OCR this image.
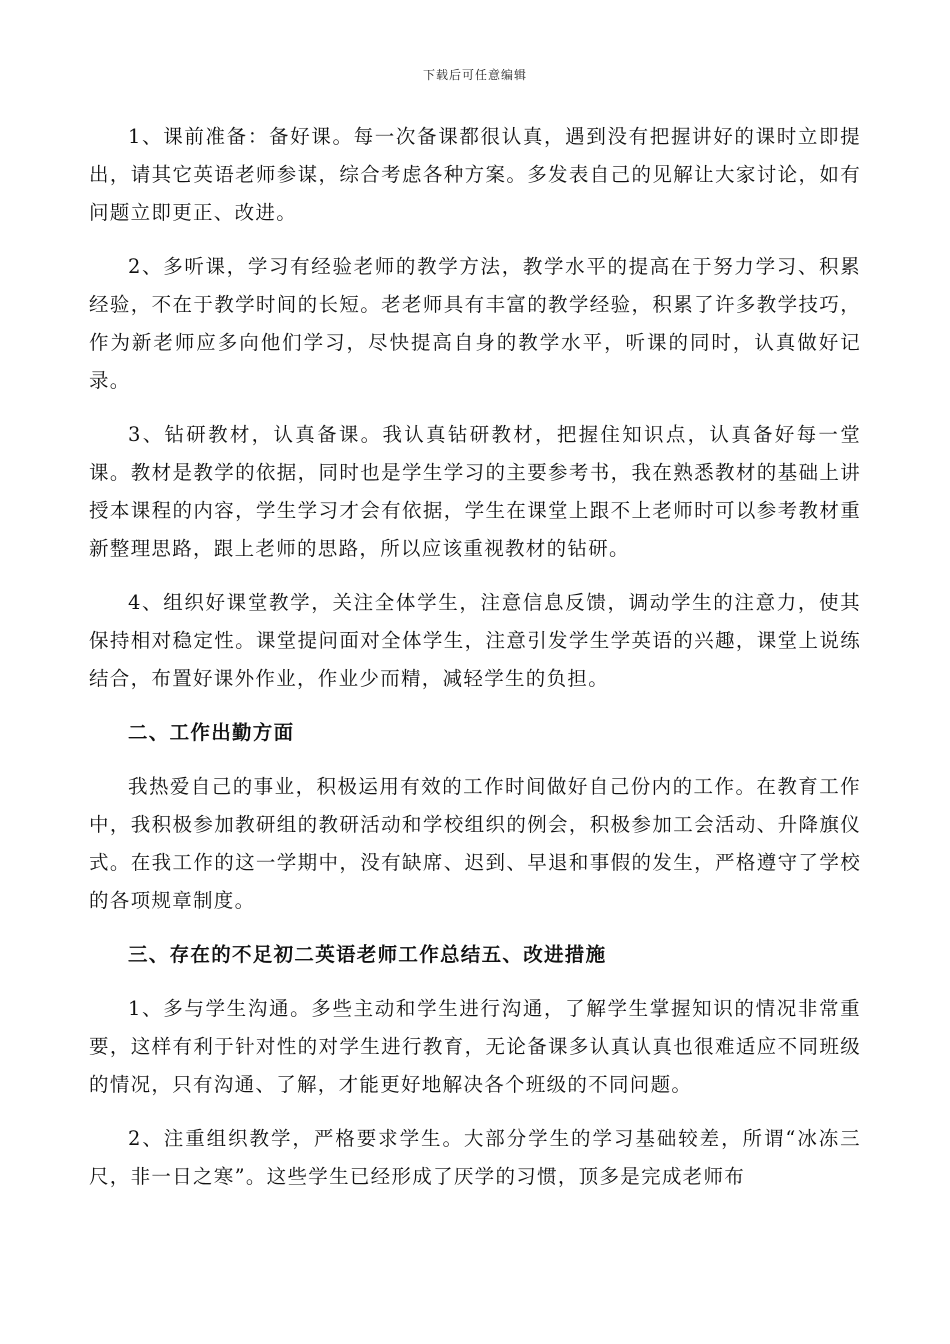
下载后可任意编辑

1、课前准备：备好课。每一次备课都很认真，遇到没有把握讲好的课时立即提出，请其它英语老师参谋，综合考虑各种方案。多发表自己的见解让大家讨论，如有问题立即更正、改进。

2、多听课，学习有经验老师的教学方法，教学水平的提高在于努力学习、积累经验，不在于教学时间的长短。老老师具有丰富的教学经验，积累了许多教学技巧，作为新老师应多向他们学习，尽快提高自身的教学水平，听课的同时，认真做好记录。

3、钻研教材，认真备课。我认真钻研教材，把握住知识点，认真备好每一堂课。教材是教学的依据，同时也是学生学习的主要参考书，我在熟悉教材的基础上讲授本课程的内容，学生学习才会有依据，学生在课堂上跟不上老师时可以参考教材重新整理思路，跟上老师的思路，所以应该重视教材的钻研。

4、组织好课堂教学，关注全体学生，注意信息反馈，调动学生的注意力，使其保持相对稳定性。课堂提问面对全体学生，注意引发学生学英语的兴趣，课堂上说练结合，布置好课外作业，作业少而精，减轻学生的负担。

二、工作出勤方面

我热爱自己的事业，积极运用有效的工作时间做好自己份内的工作。在教育工作中，我积极参加教研组的教研活动和学校组织的例会，积极参加工会活动、升降旗仪式。在我工作的这一学期中，没有缺席、迟到、早退和事假的发生，严格遵守了学校的各项规章制度。

三、存在的不足初二英语老师工作总结五、改进措施

1、多与学生沟通。多些主动和学生进行沟通，了解学生掌握知识的情况非常重要，这样有利于针对性的对学生进行教育，无论备课多认真认真也很难适应不同班级的情况，只有沟通、了解，才能更好地解决各个班级的不同问题。

2、注重组织教学，严格要求学生。大部分学生的学习基础较差，所谓“冰冻三尺，非一日之寒”。这些学生已经形成了厌学的习惯，顶多是完成老师布
